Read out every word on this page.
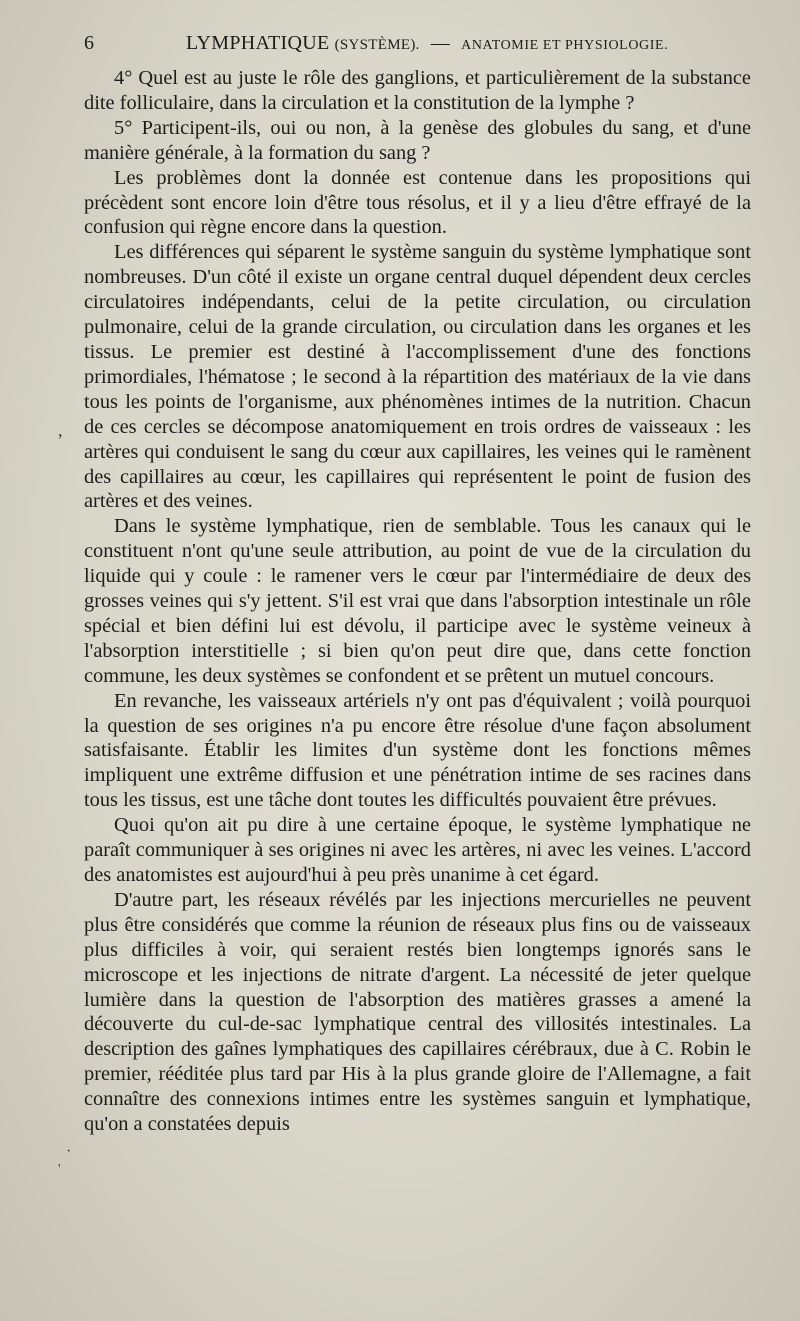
6	LYMPHATIQUE (SYSTÈME). — ANATOMIE ET PHYSIOLOGIE.

4° Quel est au juste le rôle des ganglions, et particulièrement de la substance dite folliculaire, dans la circulation et la constitution de la lymphe ?

5° Participent-ils, oui ou non, à la genèse des globules du sang, et d'une manière générale, à la formation du sang ?

Les problèmes dont la donnée est contenue dans les propositions qui précèdent sont encore loin d'être tous résolus, et il y a lieu d'être effrayé de la confusion qui règne encore dans la question.

Les différences qui séparent le système sanguin du système lymphatique sont nombreuses. D'un côté il existe un organe central duquel dépendent deux cercles circulatoires indépendants, celui de la petite circulation, ou circulation pulmonaire, celui de la grande circulation, ou circulation dans les organes et les tissus. Le premier est destiné à l'accomplissement d'une des fonctions primordiales, l'hématose ; le second à la répartition des matériaux de la vie dans tous les points de l'organisme, aux phénomènes intimes de la nutrition. Chacun de ces cercles se décompose anatomiquement en trois ordres de vaisseaux : les artères qui conduisent le sang du cœur aux capillaires, les veines qui le ramènent des capillaires au cœur, les capillaires qui représentent le point de fusion des artères et des veines.

Dans le système lymphatique, rien de semblable. Tous les canaux qui le constituent n'ont qu'une seule attribution, au point de vue de la circulation du liquide qui y coule : le ramener vers le cœur par l'intermédiaire de deux des grosses veines qui s'y jettent. S'il est vrai que dans l'absorption intestinale un rôle spécial et bien défini lui est dévolu, il participe avec le système veineux à l'absorption interstitielle ; si bien qu'on peut dire que, dans cette fonction commune, les deux systèmes se confondent et se prêtent un mutuel concours.

En revanche, les vaisseaux artériels n'y ont pas d'équivalent ; voilà pourquoi la question de ses origines n'a pu encore être résolue d'une façon absolument satisfaisante. Établir les limites d'un système dont les fonctions mêmes impliquent une extrême diffusion et une pénétration intime de ses racines dans tous les tissus, est une tâche dont toutes les difficultés pouvaient être prévues.

Quoi qu'on ait pu dire à une certaine époque, le système lymphatique ne paraît communiquer à ses origines ni avec les artères, ni avec les veines. L'accord des anatomistes est aujourd'hui à peu près unanime à cet égard.

D'autre part, les réseaux révélés par les injections mercurielles ne peuvent plus être considérés que comme la réunion de réseaux plus fins ou de vaisseaux plus difficiles à voir, qui seraient restés bien longtemps ignorés sans le microscope et les injections de nitrate d'argent. La nécessité de jeter quelque lumière dans la question de l'absorption des matières grasses a amené la découverte du cul-de-sac lymphatique central des villosités intestinales. La description des gaînes lymphatiques des capillaires cérébraux, due à C. Robin le premier, rééditée plus tard par His à la plus grande gloire de l'Allemagne, a fait connaître des connexions intimes entre les systèmes sanguin et lymphatique, qu'on a constatées depuis

,
·
'
